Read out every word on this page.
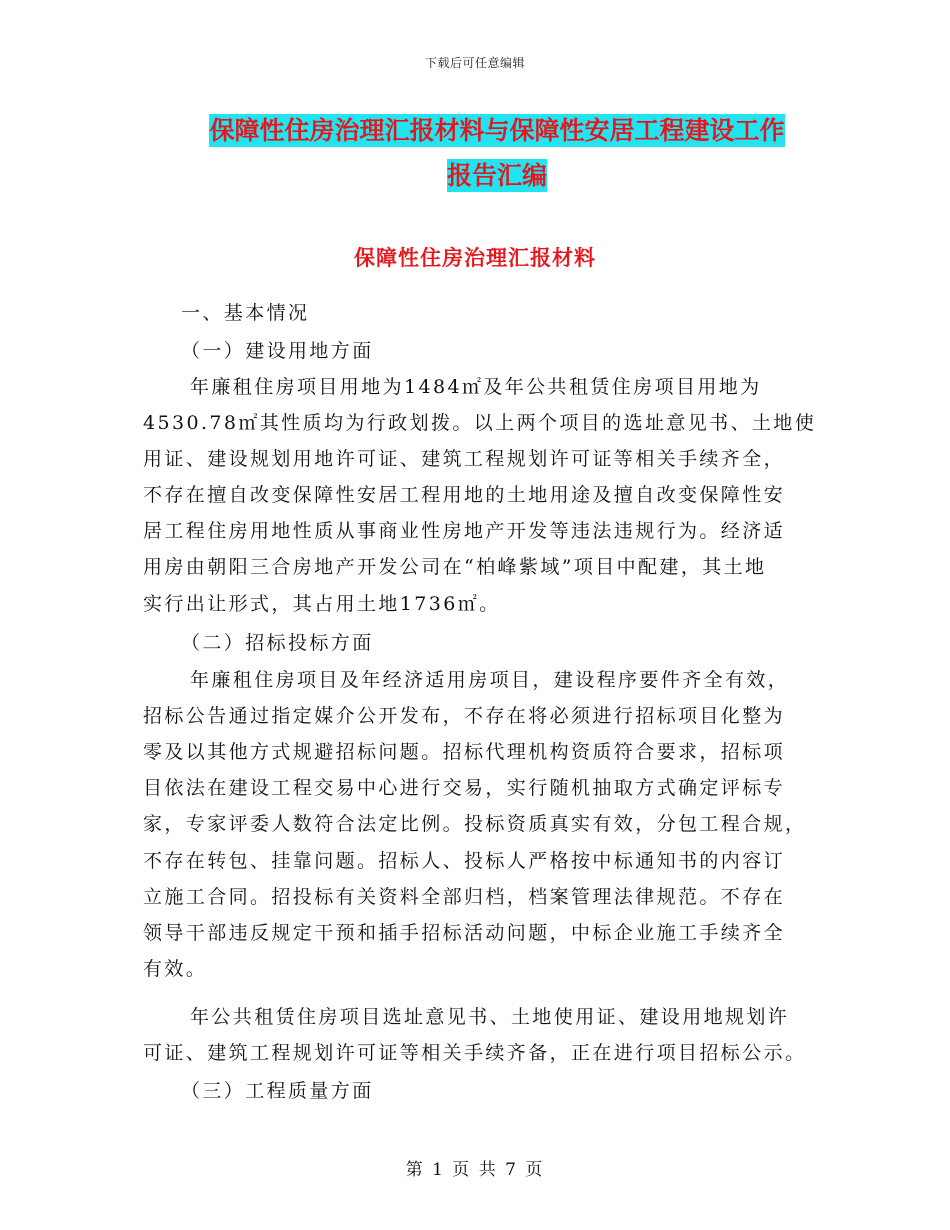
下载后可任意编辑
保障性住房治理汇报材料与保障性安居工程建设工作
报告汇编
保障性住房治理汇报材料
一、基本情况
（一）建设用地方面
年廉租住房项目用地为1484㎡及年公共租赁住房项目用地为
4530.78㎡其性质均为行政划拨。以上两个项目的选址意见书、土地使
用证、建设规划用地许可证、建筑工程规划许可证等相关手续齐全，
不存在擅自改变保障性安居工程用地的土地用途及擅自改变保障性安
居工程住房用地性质从事商业性房地产开发等违法违规行为。经济适
用房由朝阳三合房地产开发公司在“柏峰紫域”项目中配建，其土地
实行出让形式，其占用土地1736㎡。
（二）招标投标方面
年廉租住房项目及年经济适用房项目，建设程序要件齐全有效，
招标公告通过指定媒介公开发布，不存在将必须进行招标项目化整为
零及以其他方式规避招标问题。招标代理机构资质符合要求，招标项
目依法在建设工程交易中心进行交易，实行随机抽取方式确定评标专
家，专家评委人数符合法定比例。投标资质真实有效，分包工程合规，
不存在转包、挂靠问题。招标人、投标人严格按中标通知书的内容订
立施工合同。招投标有关资料全部归档，档案管理法律规范。不存在
领导干部违反规定干预和插手招标活动问题，中标企业施工手续齐全
有效。
年公共租赁住房项目选址意见书、土地使用证、建设用地规划许
可证、建筑工程规划许可证等相关手续齐备，正在进行项目招标公示。
（三）工程质量方面
第 1 页 共 7 页
